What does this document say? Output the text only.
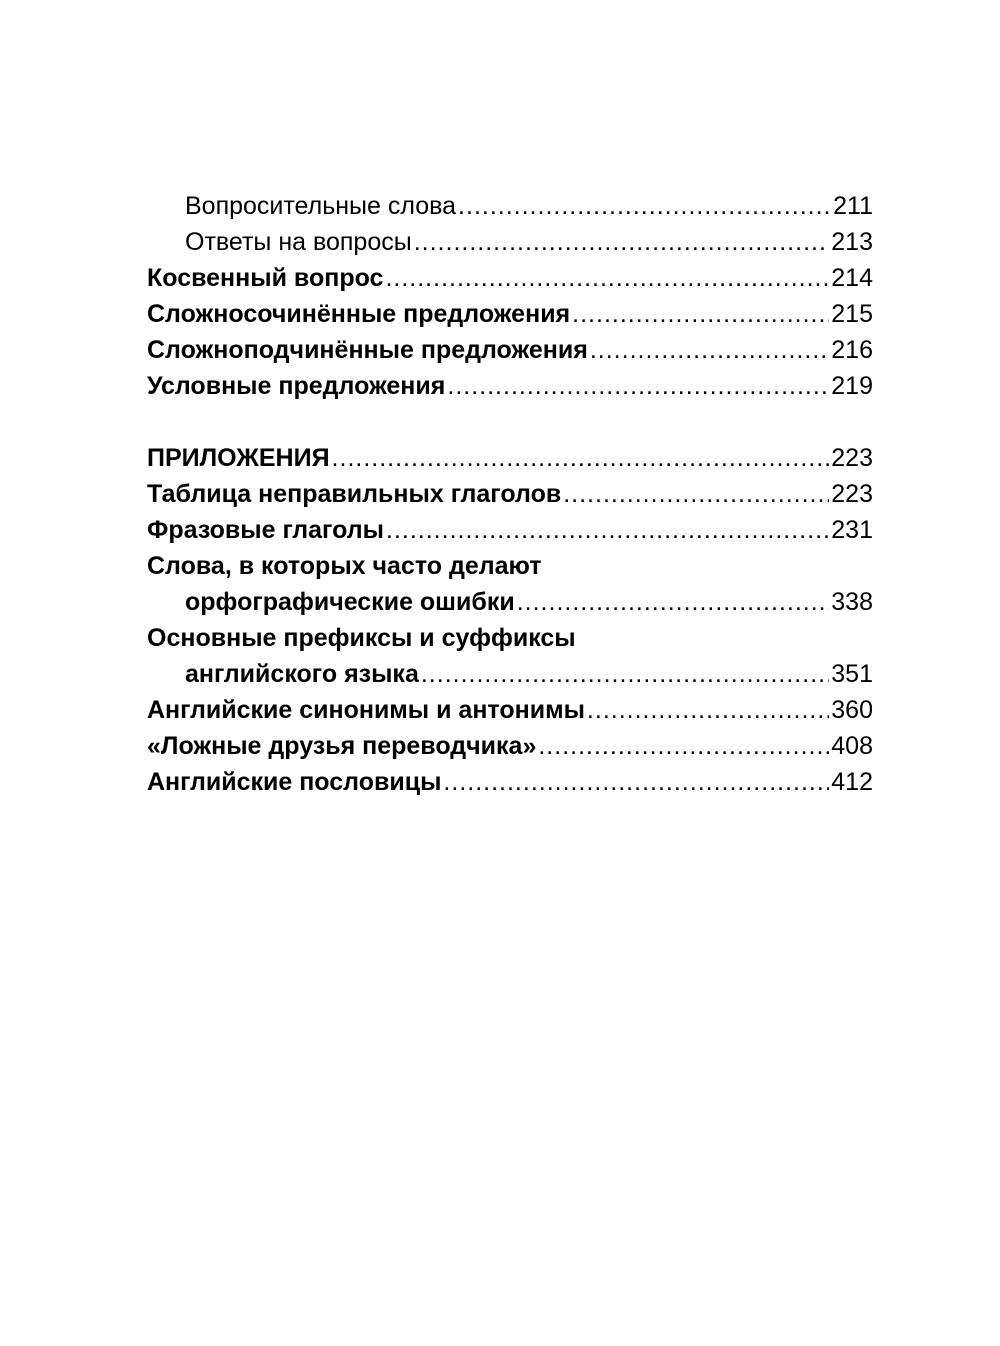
Вопросительные слова .....	211
Ответы на вопросы .....	213
Косвенный вопрос .....	214
Сложносочинённые предложения .....	215
Сложноподчинённые предложения .....	216
Условные предложения .....	219
ПРИЛОЖЕНИЯ .....	223
Таблица неправильных глаголов .....	223
Фразовые глаголы .....	231
Слова, в которых часто делают
орфографические ошибки .....	338
Основные префиксы и суффиксы
английского языка .....	351
Английские синонимы и антонимы .....	360
«Ложные друзья переводчика» .....	408
Английские пословицы .....	412
